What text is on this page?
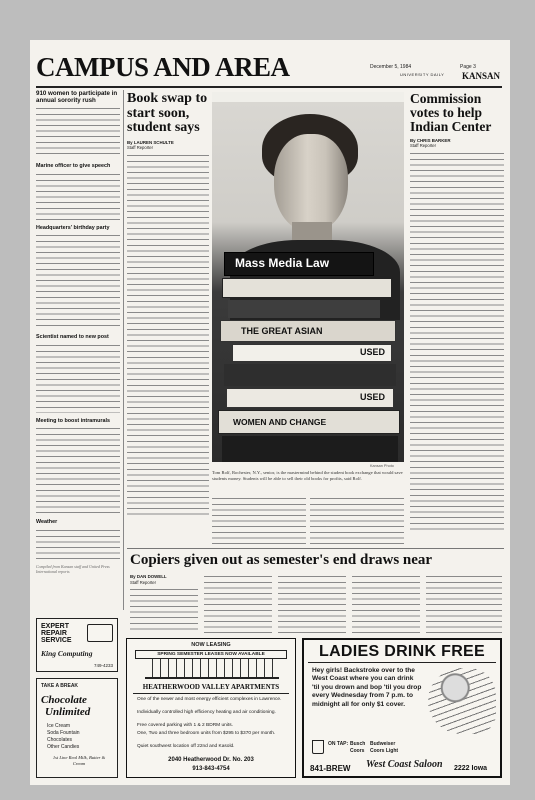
CAMPUS AND AREA	December 5, 1984	Page 3
UNIVERSITY DAILY KANSAN
910 women to participate in annual sorority rush
Marine officer to give speech
Headquarters' birthday party
Scientist named to new post
Meeting to boost intramurals
Weather
Compiled from Kansan staff and United Press International reports
Book swap to start soon, student says
By LAUREN SCHULTE
Staff Reporter
Mass Media Law
THE GREAT ASIAN
USED
USED
WOMEN AND CHANGE
Kansan Photo
Tom Rolf, Rochester, N.Y., senior, is the mastermind behind the student book exchange that would save students money. Students will be able to sell their old books for profits, said Rolf.
Commission votes to help Indian Center
By CHRIS BARKER
Staff Reporter
Copiers given out as semester's end draws near
By DAN DOWELL
Staff Reporter
EXPERT
REPAIR
SERVICE
King Computing
749-4233
TAKE A BREAK
Chocolate
Unlimited
Ice Cream
Soda Fountain
Chocolates
Other Candies
1st Line Real Milk, Butter & Cream
NOW LEASING
SPRING SEMESTER LEASES NOW AVAILABLE
HEATHERWOOD VALLEY APARTMENTS
One of the newer and most energy efficient complexes in Lawrence.
Individually controlled high efficiency heating and air conditioning.
Free covered parking with 1 & 2 BDRM units.
One, Two and three bedroom units from $295 to $370 per month.
Quiet southwest location off 22nd and Kasold.
2040 Heatherwood Dr. No. 203
913-843-4754
LADIES DRINK FREE
Hey girls! Backstroke over to the West Coast where you can drink 'til you drown and bop 'til you drop every Wednesday from 7 p.m. to midnight all for only $1 cover.
ON TAP: Busch Budweiser
Coors Coors Light
841-BREW West Coast Saloon 2222 Iowa
